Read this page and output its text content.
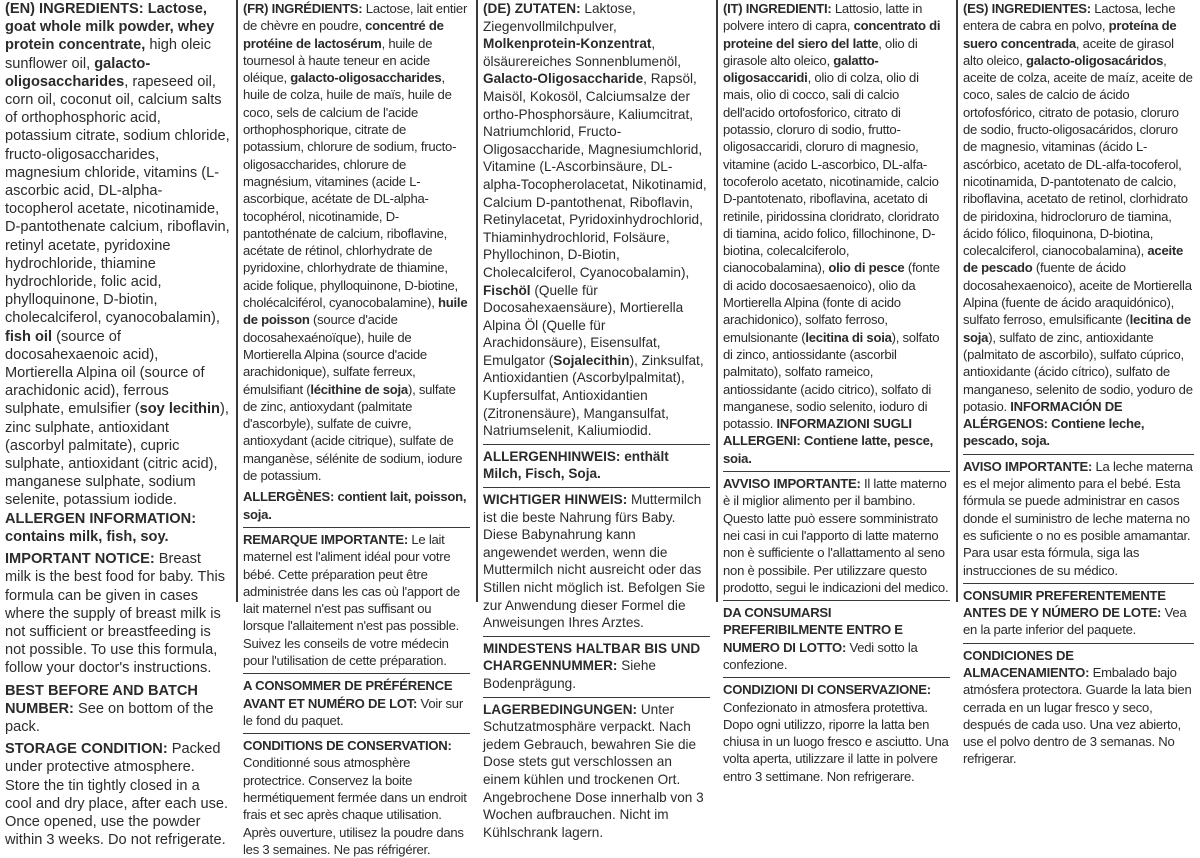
(EN) INGREDIENTS: Lactose, goat whole milk powder, whey protein concentrate, high oleic sunflower oil, galacto-oligosaccharides, rapeseed oil, corn oil, coconut oil, calcium salts of orthophosphoric acid, potassium citrate, sodium chloride, fructo-oligosaccharides, magnesium chloride, vitamins (L-ascorbic acid, DL-alpha-tocopherol acetate, nicotinamide, D-pantothenate calcium, riboflavin, retinyl acetate, pyridoxine hydrochloride, thiamine hydrochloride, folic acid, phylloquinone, D-biotin, cholecalciferol, cyanocobalamin), fish oil (source of docosahexaenoic acid), Mortierella Alpina oil (source of arachidonic acid), ferrous sulphate, emulsifier (soy lecithin), zinc sulphate, antioxidant (ascorbyl palmitate), cupric sulphate, antioxidant (citric acid), manganese sulphate, sodium selenite, potassium iodide. ALLERGEN INFORMATION: contains milk, fish, soy.

IMPORTANT NOTICE: Breast milk is the best food for baby. This formula can be given in cases where the supply of breast milk is not sufficient or breastfeeding is not possible. To use this formula, follow your doctor's instructions.

BEST BEFORE AND BATCH NUMBER: See on bottom of the pack.

STORAGE CONDITION: Packed under protective atmosphere. Store the tin tightly closed in a cool and dry place, after each use. Once opened, use the powder within 3 weeks. Do not refrigerate.

(FR) INGRÉDIENTS: Lactose, lait entier de chèvre en poudre, concentré de protéine de lactosérum, huile de tournesol à haute teneur en acide oléique, galacto-oligosaccharides, huile de colza, huile de maïs, huile de coco, sels de calcium de l'acide orthophosphorique, citrate de potassium, chlorure de sodium, fructo-oligosaccharides, chlorure de magnésium, vitamines (acide L-ascorbique, acétate de DL-alpha-tocophérol, nicotinamide, D-pantothénate de calcium, riboflavine, acétate de rétinol, chlorhydrate de pyridoxine, chlorhydrate de thiamine, acide folique, phylloquinone, D-biotine, cholécalciférol, cyanocobalamine), huile de poisson (source d'acide docosahexaénoïque), huile de Mortierella Alpina (source d'acide arachidonique), sulfate ferreux, émulsifiant (lécithine de soja), sulfate de zinc, antioxydant (palmitate d'ascorbyle), sulfate de cuivre, antioxydant (acide citrique), sulfate de manganèse, sélénite de sodium, iodure de potassium.

ALLERGÈNES: contient lait, poisson, soja.

REMARQUE IMPORTANTE: Le lait maternel est l'aliment idéal pour votre bébé. Cette préparation peut être administrée dans les cas où l'apport de lait maternel n'est pas suffisant ou lorsque l'allaitement n'est pas possible. Suivez les conseils de votre médecin pour l'utilisation de cette préparation.

A CONSOMMER DE PRÉFÉRENCE AVANT ET NUMÉRO DE LOT: Voir sur le fond du paquet.

CONDITIONS DE CONSERVATION: Conditionné sous atmosphère protectrice. Conservez la boite hermétiquement fermée dans un endroit frais et sec après chaque utilisation. Après ouverture, utilisez la poudre dans les 3 semaines. Ne pas réfrigérer.

(DE) ZUTATEN: Laktose, Ziegenvollmilchpulver, Molkenprotein-Konzentrat, ölsäurereiches Sonnenblumenöl, Galacto-Oligosaccharide, Rapsöl, Maisöl, Kokosöl, Calciumsalze der ortho-Phosphorsäure, Kaliumcitrat, Natriumchlorid, Fructo-Oligosaccharide, Magnesiumchlorid, Vitamine (L-Ascorbinsäure, DL-alpha-Tocopherolacetat, Nikotinamid, Calcium D-pantothenat, Riboflavin, Retinylacetat, Pyridoxinhydrochlorid, Thiaminhydrochlorid, Folsäure, Phyllochinon, D-Biotin, Cholecalciferol, Cyanocobalamin), Fischöl (Quelle für Docosahexaensäure), Mortierella Alpina Öl (Quelle für Arachidonsäure), Eisensulfat, Emulgator (Sojalecithin), Zinksulfat, Antioxidantien (Ascorbylpalmitat), Kupfersulfat, Antioxidantien (Zitronensäure), Mangansulfat, Natriumselenit, Kaliumiodid.

ALLERGENHINWEIS: enthält Milch, Fisch, Soja.

WICHTIGER HINWEIS: Muttermilch ist die beste Nahrung fürs Baby. Diese Babynahrung kann angewendet werden, wenn die Muttermilch nicht ausreicht oder das Stillen nicht möglich ist. Befolgen Sie zur Anwendung dieser Formel die Anweisungen Ihres Arztes.

MINDESTENS HALTBAR BIS UND CHARGENNUMMER: Siehe Bodenprägung.

LAGERBEDINGUNGEN: Unter Schutzatmosphäre verpackt. Nach jedem Gebrauch, bewahren Sie die Dose stets gut verschlossen an einem kühlen und trockenen Ort. Angebrochene Dose innerhalb von 3 Wochen aufbrauchen. Nicht im Kühlschrank lagern.

(IT) INGREDIENTI: Lattosio, latte in polvere intero di capra, concentrato di proteine del siero del latte, olio di girasole alto oleico, galatto-oligosaccaridi, olio di colza, olio di mais, olio di cocco, sali di calcio dell'acido ortofosforico, citrato di potassio, cloruro di sodio, frutto-oligosaccaridi, cloruro di magnesio, vitamine (acido L-ascorbico, DL-alfa-tocoferolo acetato, nicotinamide, calcio D-pantotenato, riboflavina, acetato di retinile, piridossina cloridrato, cloridrato di tiamina, acido folico, fillochinone, D-biotina, colecalciferolo, cianocobalamina), olio di pesce (fonte di acido docosaesaenoico), olio da Mortierella Alpina (fonte di acido arachidonico), solfato ferroso, emulsionante (lecitina di soia), solfato di zinco, antiossidante (ascorbil palmitato), solfato rameico, antiossidante (acido citrico), solfato di manganese, sodio selenito, ioduro di potassio. INFORMAZIONI SUGLI ALLERGENI: Contiene latte, pesce, soia.

AVVISO IMPORTANTE: Il latte materno è il miglior alimento per il bambino. Questo latte può essere somministrato nei casi in cui l'apporto di latte materno non è sufficiente o l'allattamento al seno non è possibile. Per utilizzare questo prodotto, segui le indicazioni del medico.

DA CONSUMARSI PREFERIBILMENTE ENTRO E NUMERO DI LOTTO: Vedi sotto la confezione.

CONDIZIONI DI CONSERVAZIONE: Confezionato in atmosfera protettiva. Dopo ogni utilizzo, riporre la latta ben chiusa in un luogo fresco e asciutto. Una volta aperta, utilizzare il latte in polvere entro 3 settimane. Non refrigerare.

(ES) INGREDIENTES: Lactosa, leche entera de cabra en polvo, proteína de suero concentrada, aceite de girasol alto oleico, galacto-oligosacáridos, aceite de colza, aceite de maíz, aceite de coco, sales de calcio de ácido ortofosfórico, citrato de potasio, cloruro de sodio, fructo-oligosacáridos, cloruro de magnesio, vitaminas (ácido L-ascórbico, acetato de DL-alfa-tocoferol, nicotinamida, D-pantotenato de calcio, riboflavina, acetato de retinol, clorhidrato de piridoxina, hidrocloruro de tiamina, ácido fólico, filoquinona, D-biotina, colecalciferol, cianocobalamina), aceite de pescado (fuente de ácido docosahexaenoico), aceite de Mortierella Alpina (fuente de ácido araquidónico), sulfato ferroso, emulsificante (lecitina de soja), sulfato de zinc, antioxidante (palmitato de ascorbilo), sulfato cúprico, antioxidante (ácido cítrico), sulfato de manganeso, selenito de sodio, yoduro de potasio. INFORMACIÓN DE ALÉRGENOS: Contiene leche, pescado, soja.

AVISO IMPORTANTE: La leche materna es el mejor alimento para el bebé. Esta fórmula se puede administrar en casos donde el suministro de leche materna no es suficiente o no es posible amamantar. Para usar esta fórmula, siga las instrucciones de su médico.

CONSUMIR PREFERENTEMENTE ANTES DE Y NÚMERO DE LOTE: Vea en la parte inferior del paquete.

CONDICIONES DE ALMACENAMIENTO: Embalado bajo atmósfera protectora. Guarde la lata bien cerrada en un lugar fresco y seco, después de cada uso. Una vez abierto, use el polvo dentro de 3 semanas. No refrigerar.
